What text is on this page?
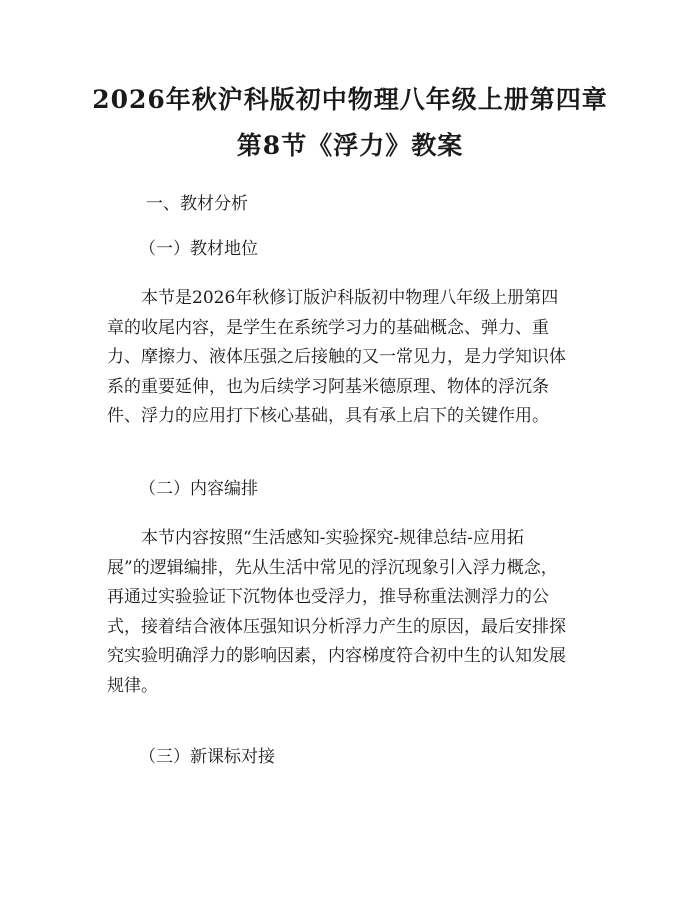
2026年秋沪科版初中物理八年级上册第四章
第8节《浮力》教案
一、教材分析
（一）教材地位
本节是2026年秋修订版沪科版初中物理八年级上册第四
章的收尾内容，是学生在系统学习力的基础概念、弹力、重
力、摩擦力、液体压强之后接触的又一常见力，是力学知识体
系的重要延伸，也为后续学习阿基米德原理、物体的浮沉条
件、浮力的应用打下核心基础，具有承上启下的关键作用。
（二）内容编排
本节内容按照“生活感知-实验探究-规律总结-应用拓
展”的逻辑编排，先从生活中常见的浮沉现象引入浮力概念，
再通过实验验证下沉物体也受浮力，推导称重法测浮力的公
式，接着结合液体压强知识分析浮力产生的原因，最后安排探
究实验明确浮力的影响因素，内容梯度符合初中生的认知发展
规律。
（三）新课标对接
